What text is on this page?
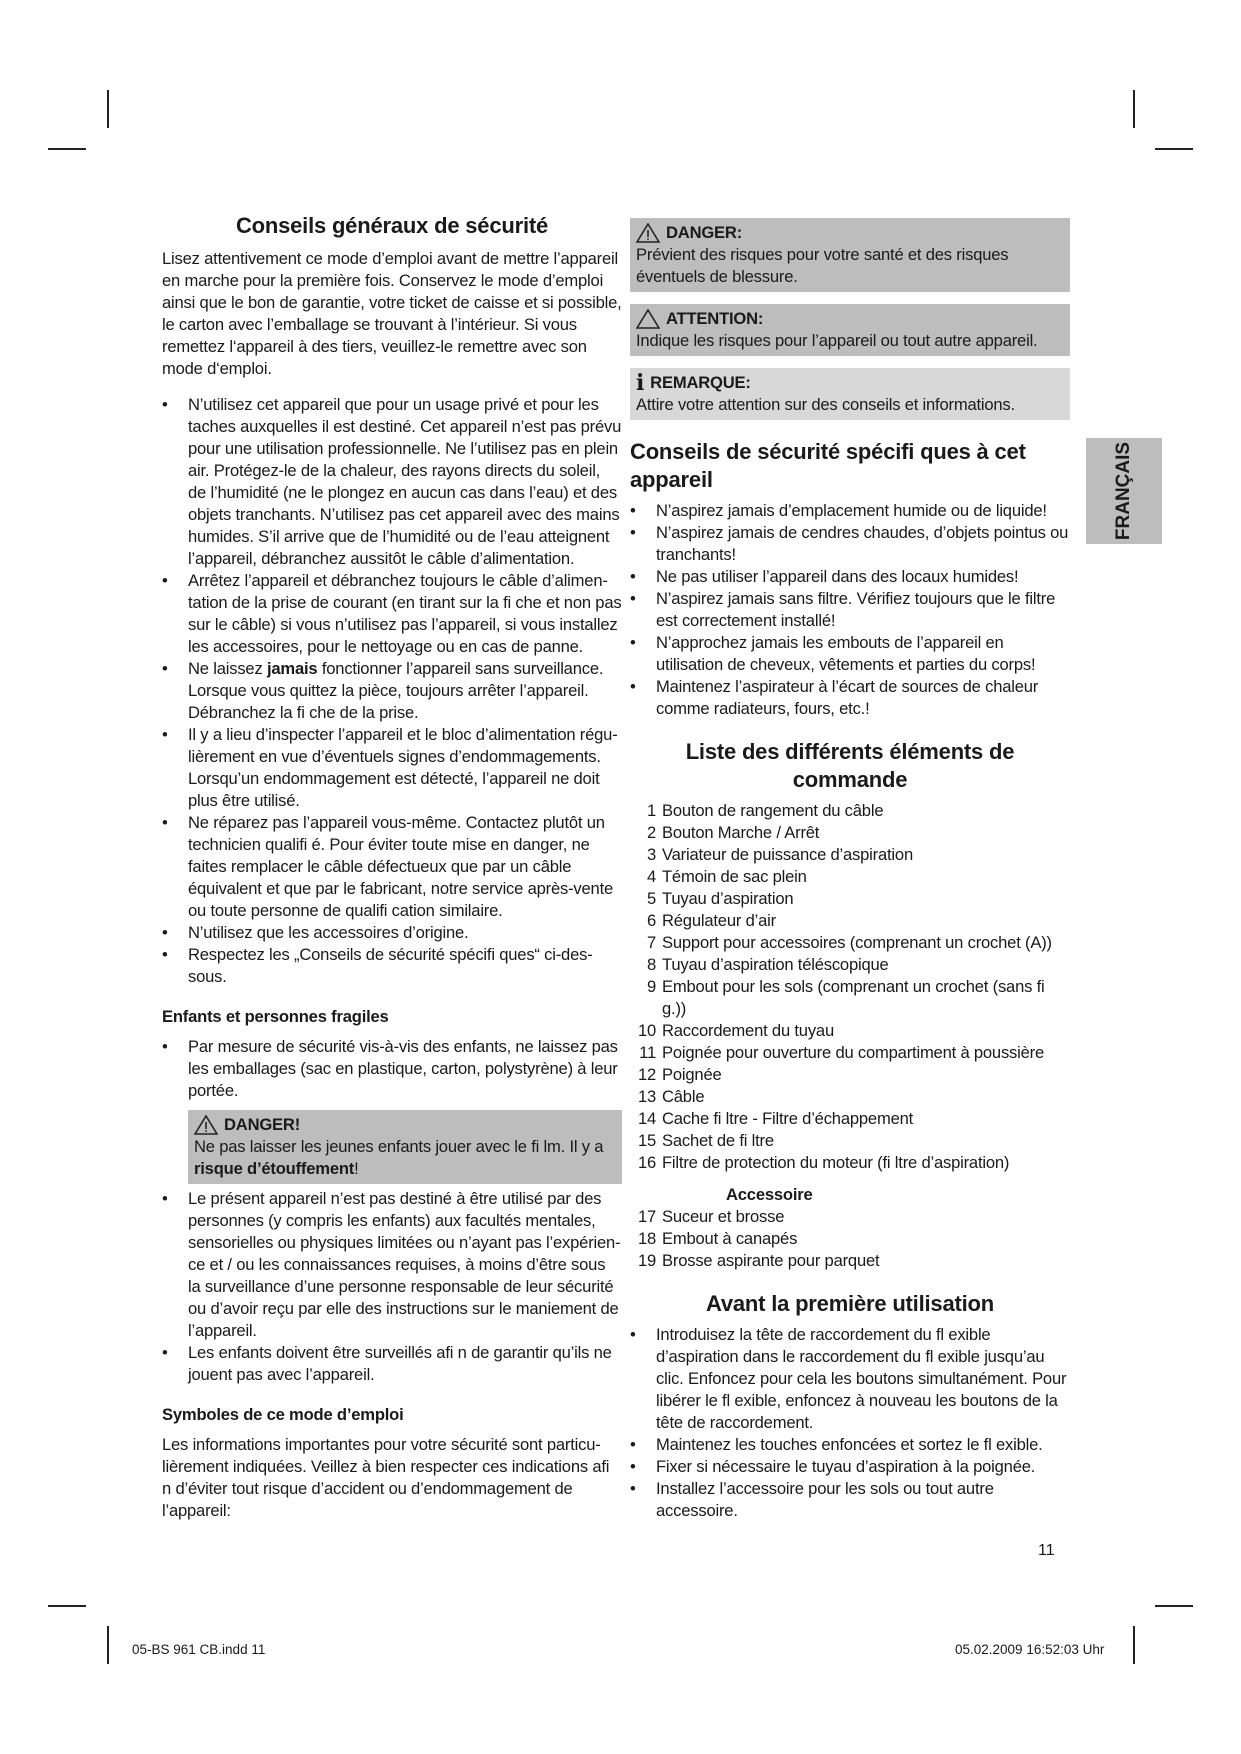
Conseils généraux de sécurité

Lisez attentivement ce mode d’emploi avant de mettre l’appareil en marche pour la première fois. Conservez le mode d’emploi ainsi que le bon de garantie, votre ticket de caisse et si possible, le carton avec l’emballage se trouvant à l’intérieur. Si vous remettez l‘appareil à des tiers, veuillez-le remettre avec son mode d‘emploi.

• N’utilisez cet appareil que pour un usage privé et pour les taches auxquelles il est destiné. Cet appareil n’est pas prévu pour une utilisation professionnelle. Ne l’utilisez pas en plein air. Protégez-le de la chaleur, des rayons directs du soleil, de l’humidité (ne le plongez en aucun cas dans l’eau) et des objets tranchants. N’utilisez pas cet appareil avec des mains humides. S’il arrive que de l’humidité ou de l’eau atteignent l’appareil, débranchez aussitôt le câble d’alimentation.
• Arrêtez l’appareil et débranchez toujours le câble d’alimen-tation de la prise de courant (en tirant sur la fi che et non pas sur le câble) si vous n’utilisez pas l’appareil, si vous installez les accessoires, pour le nettoyage ou en cas de panne.
• Ne laissez jamais fonctionner l’appareil sans surveillance. Lorsque vous quittez la pièce, toujours arrêter l’appareil. Débranchez la fi che de la prise.
• Il y a lieu d’inspecter l’appareil et le bloc d’alimentation régu-lièrement en vue d’éventuels signes d’endommagements. Lorsqu’un endommagement est détecté, l’appareil ne doit plus être utilisé.
• Ne réparez pas l’appareil vous-même. Contactez plutôt un technicien qualifi é. Pour éviter toute mise en danger, ne faites remplacer le câble défectueux que par un câble équivalent et que par le fabricant, notre service après-vente ou toute personne de qualifi cation similaire.
• N’utilisez que les accessoires d’origine.
• Respectez les „Conseils de sécurité spécifi ques“ ci-des-sous.
Enfants et personnes fragiles
• Par mesure de sécurité vis-à-vis des enfants, ne laissez pas les emballages (sac en plastique, carton, polystyrène) à leur portée.
DANGER!

Ne pas laisser les jeunes enfants jouer avec le fi lm. Il y a risque d’étouffement!

• Le présent appareil n’est pas destiné à être utilisé par des personnes (y compris les enfants) aux facultés mentales, sensorielles ou physiques limitées ou n’ayant pas l’expérien-ce et / ou les connaissances requises, à moins d’être sous la surveillance d’une personne responsable de leur sécurité ou d’avoir reçu par elle des instructions sur le maniement de l’appareil.
• Les enfants doivent être surveillés afi n de garantir qu’ils ne jouent pas avec l’appareil.
Symboles de ce mode d’emploi

Les informations importantes pour votre sécurité sont particu-lièrement indiquées. Veillez à bien respecter ces indications afi n d’éviter tout risque d’accident ou d’endommagement de l’appareil:

DANGER:

Prévient des risques pour votre santé et des risques éventuels de blessure.

ATTENTION:

Indique les risques pour l’appareil ou tout autre appareil.

i REMARQUE:

Attire votre attention sur des conseils et informations.

Conseils de sécurité spécifi ques à cet appareil
• N’aspirez jamais d’emplacement humide ou de liquide!
• N’aspirez jamais de cendres chaudes, d’objets pointus ou tranchants!
• Ne pas utiliser l’appareil dans des locaux humides!
• N’aspirez jamais sans filtre. Vérifiez toujours que le filtre est correctement installé!
• N’approchez jamais les embouts de l’appareil en utilisation de cheveux, vêtements et parties du corps!
• Maintenez l’aspirateur à l’écart de sources de chaleur comme radiateurs, fours, etc.!
Liste des différents éléments de commande
1 Bouton de rangement du câble
2 Bouton Marche / Arrêt
3 Variateur de puissance d’aspiration
4 Témoin de sac plein
5 Tuyau d’aspiration
6 Régulateur d’air
7 Support pour accessoires (comprenant un crochet (A))
8 Tuyau d’aspiration téléscopique
9 Embout pour les sols (comprenant un crochet (sans fi g.))
10 Raccordement du tuyau
11 Poignée pour ouverture du compartiment à poussière
12 Poignée
13 Câble
14 Cache fi ltre - Filtre d’échappement
15 Sachet de fi ltre
16 Filtre de protection du moteur (fi ltre d’aspiration)
Accessoire
17 Suceur et brosse
18 Embout à canapés
19 Brosse aspirante pour parquet
Avant la première utilisation
• Introduisez la tête de raccordement du fl exible d’aspiration dans le raccordement du fl exible jusqu’au clic. Enfoncez pour cela les boutons simultanément. Pour libérer le fl exible, enfoncez à nouveau les boutons de la tête de raccordement.
• Maintenez les touches enfoncées et sortez le fl exible.
• Fixer si nécessaire le tuyau d’aspiration à la poignée.
• Installez l’accessoire pour les sols ou tout autre accessoire.
11
FRANÇAIS
05-BS 961 CB.indd 11	05.02.2009 16:52:03 Uhr
